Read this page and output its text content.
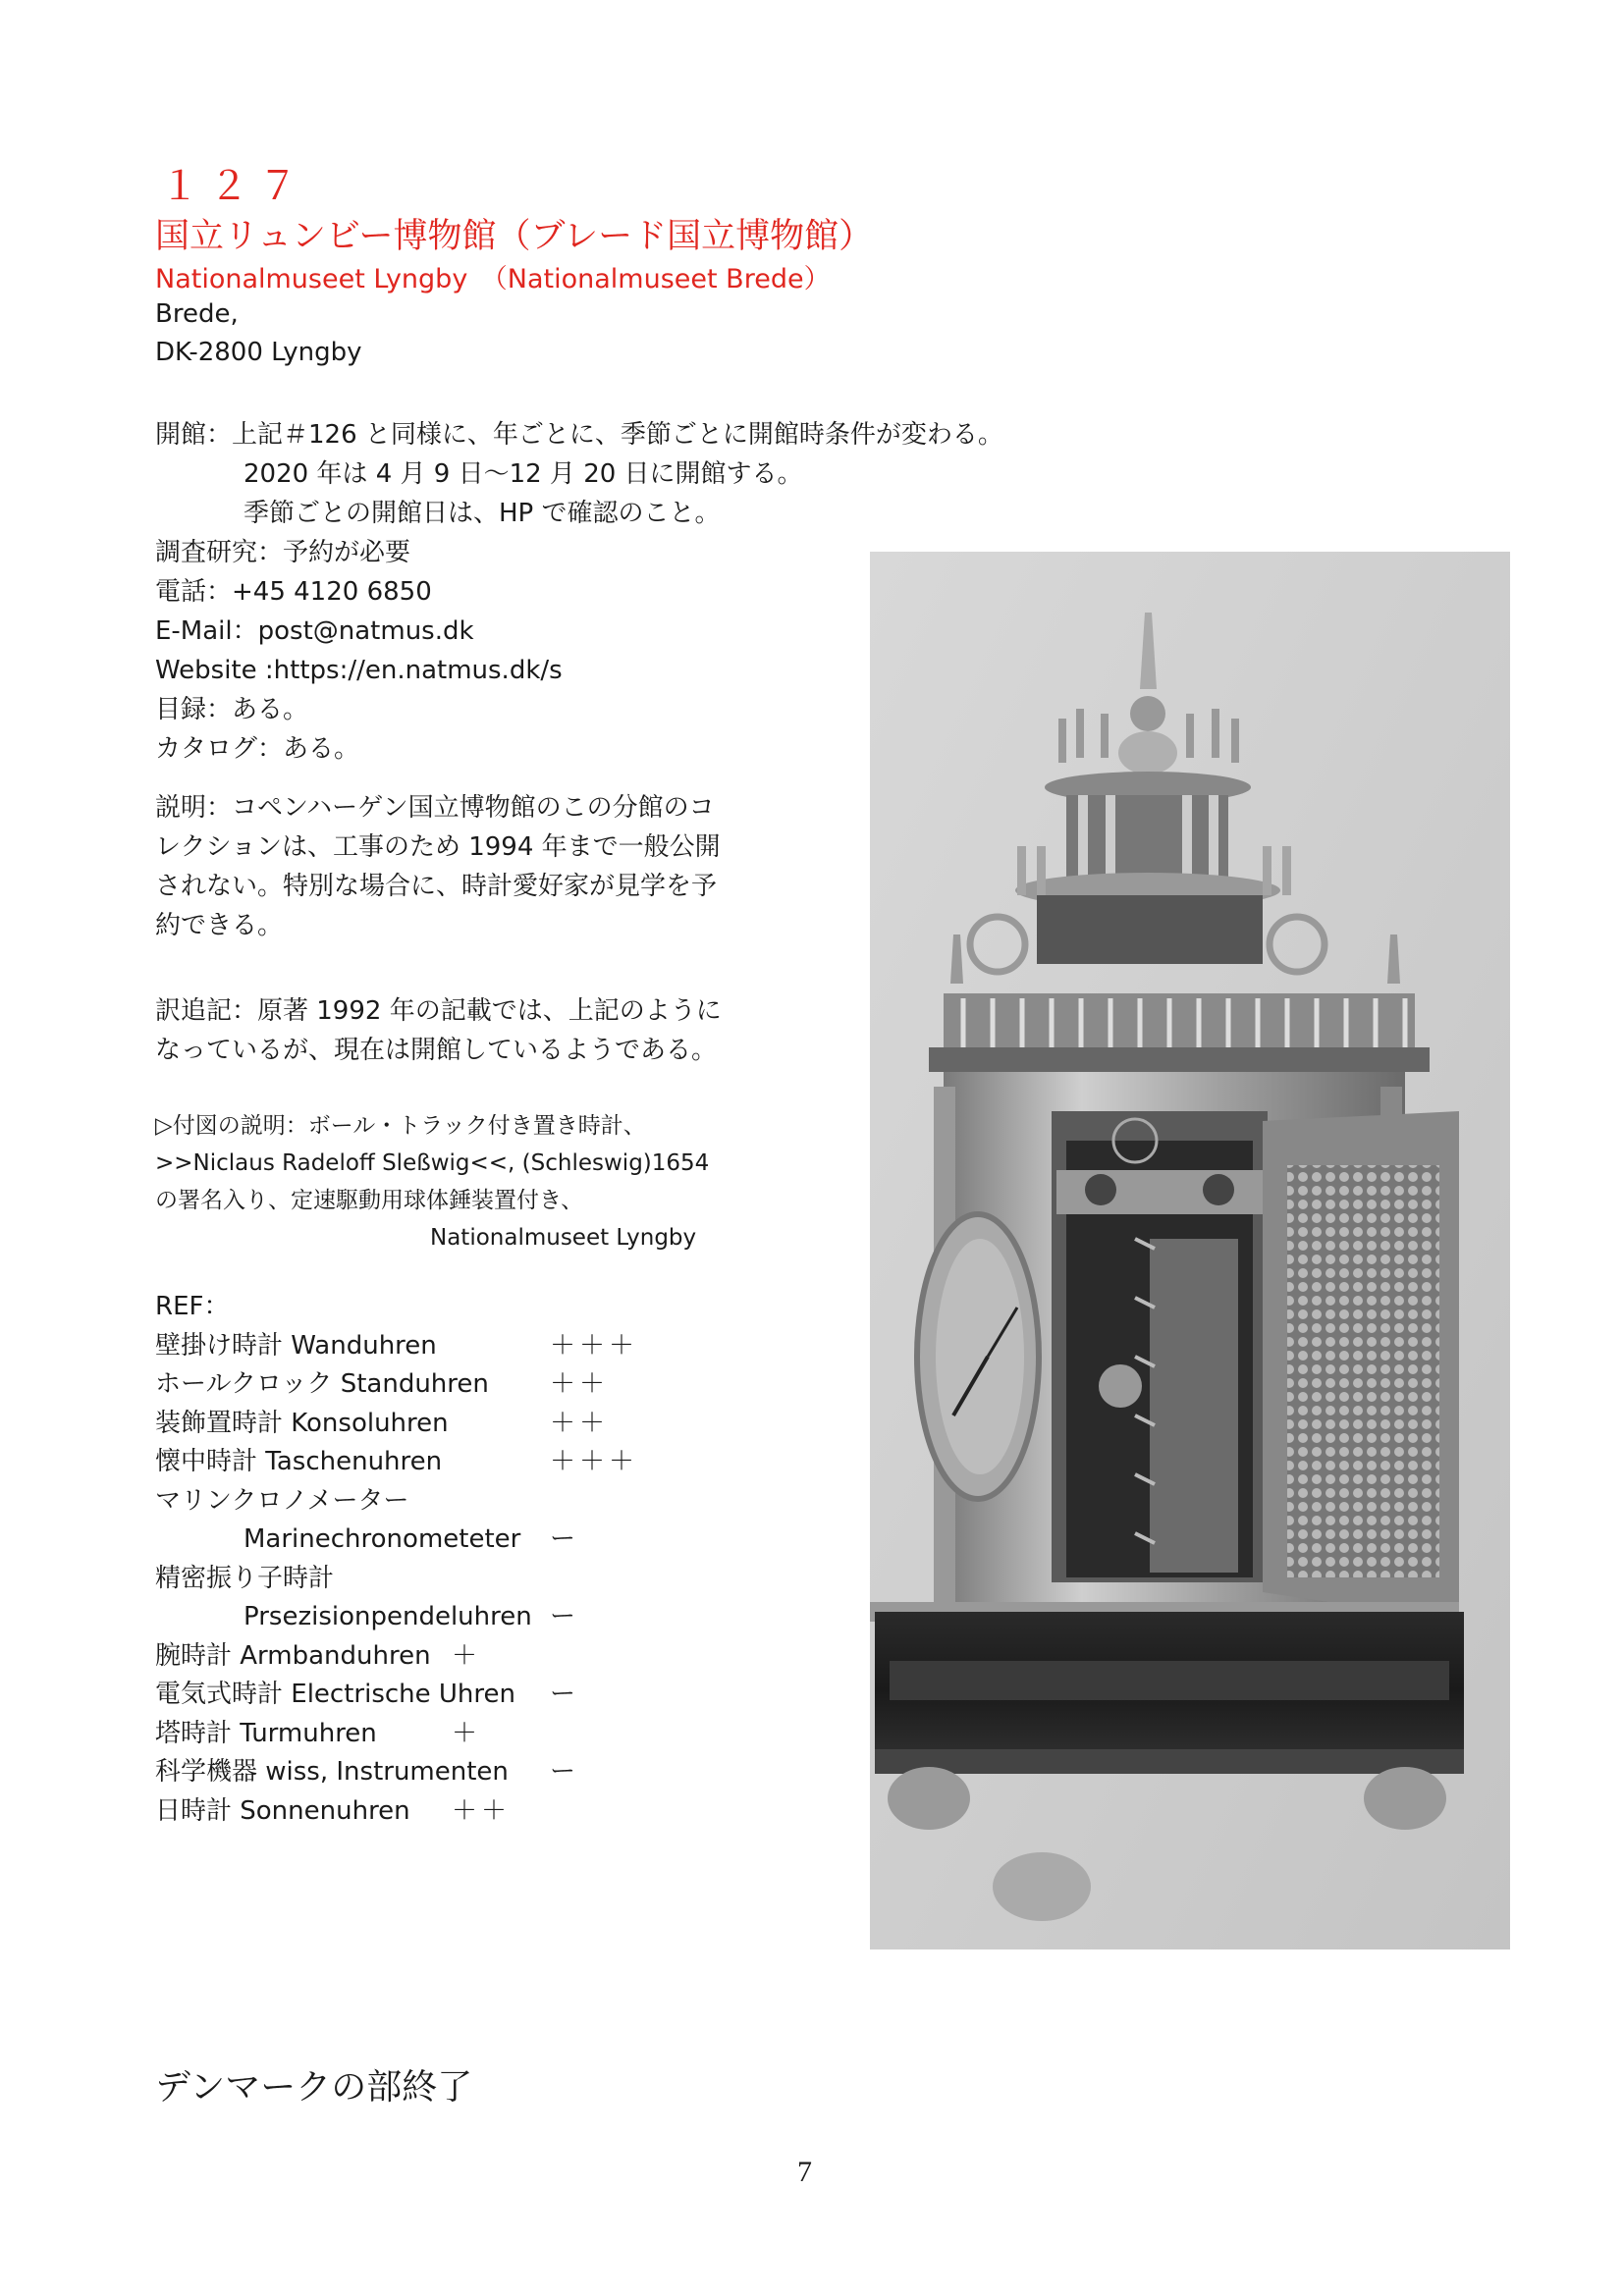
１２７
国立リュンビー博物館（ブレード国立博物館）
Nationalmuseet Lyngby　（Nationalmuseet Brede）
Brede,
DK-2800 Lyngby
開館：上記＃126 と同様に、年ごとに、季節ごとに開館時条件が変わる。
2020 年は 4 月 9 日〜12 月 20 日に開館する。
季節ごとの開館日は、HP で確認のこと。
調査研究：予約が必要
電話：+45 4120 6850
E-Mail：post@natmus.dk
Website :https://en.natmus.dk/s
目録：ある。
カタログ：ある。
説明：コペンハーゲン国立博物館のこの分館のコ
レクションは、工事のため 1994 年まで一般公開
されない。特別な場合に、時計愛好家が見学を予
約できる。
訳追記：原著 1992 年の記載では、上記のように
なっているが、現在は開館しているようである。
▷付図の説明：ボール・トラック付き置き時計、
>>Niclaus Radeloff Sleßwig<<, (Schleswig)1654
の署名入り、定速駆動用球体錘装置付き、
Nationalmuseet Lyngby
REF：
壁掛け時計 Wanduhren	＋＋＋
ホールクロック Standuhren ＋＋
装飾置時計 Konsoluhren	＋＋
懐中時計 Taschenuhren	＋＋＋
マリンクロノメーター
Marinechronometeter ー
精密振り子時計
Prsezisionpendeluhren ー
腕時計 Armbanduhren ＋
電気式時計 Electrische Uhren ー
塔時計 Turmuhren	＋
科学機器 wiss, Instrumenten ー
日時計 Sonnenuhren ＋＋
デンマークの部終了
7
